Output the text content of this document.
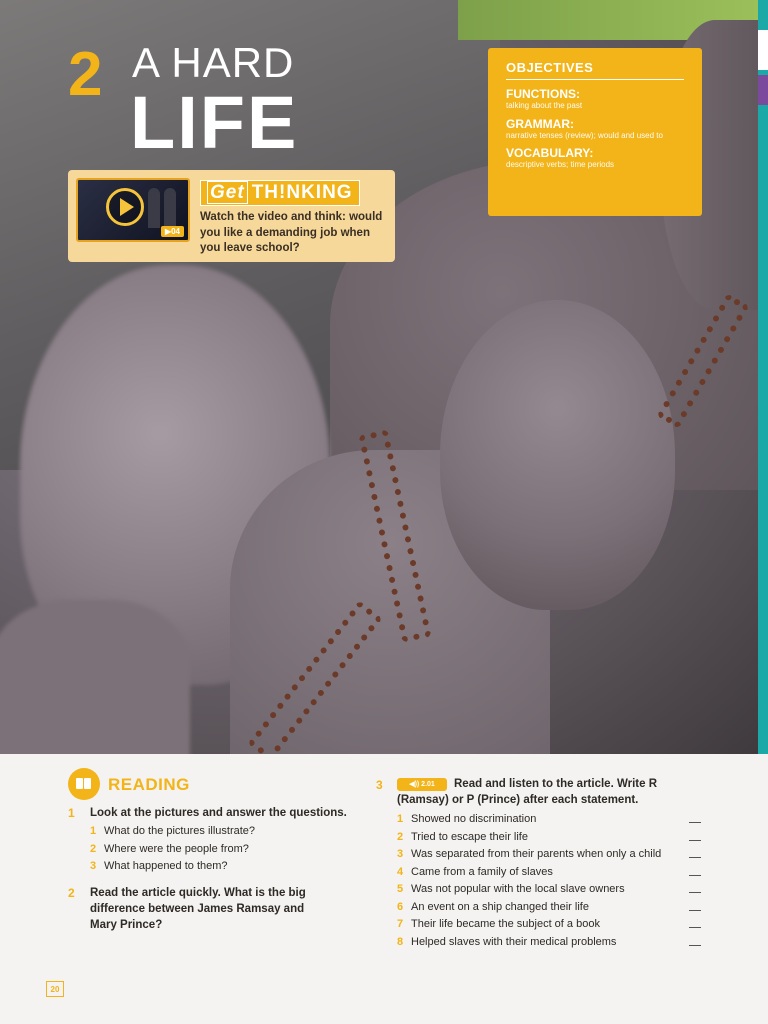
2 A HARD
LIFE
▶04
Get TH!NKING
Watch the video and think: would you like a demanding job when you leave school?
OBJECTIVES
FUNCTIONS:
talking about the past
GRAMMAR:
narrative tenses (review); would and used to
VOCABULARY:
descriptive verbs; time periods
READING
1 Look at the pictures and answer the questions.
1 What do the pictures illustrate?
2 Where were the people from?
3 What happened to them?
2 Read the article quickly. What is the big difference between James Ramsay and Mary Prince?
3	◀)) 2.01	Read and listen to the article. Write R (Ramsay) or P (Prince) after each statement.
1 Showed no discrimination
2 Tried to escape their life
3 Was separated from their parents when only a child
4 Came from a family of slaves
5 Was not popular with the local slave owners
6 An event on a ship changed their life
7 Their life became the subject of a book
8 Helped slaves with their medical problems
20
